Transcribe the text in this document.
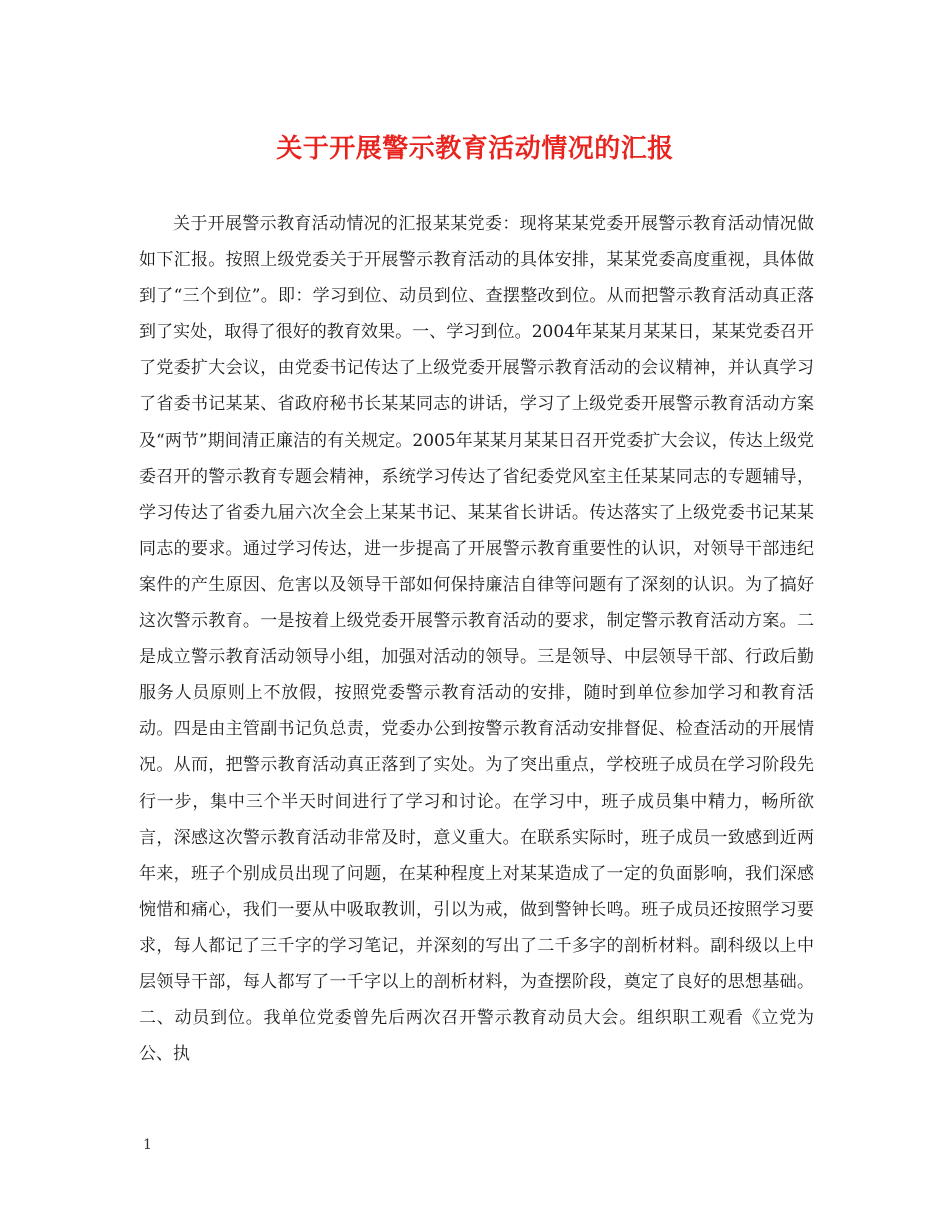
关于开展警示教育活动情况的汇报

关于开展警示教育活动情况的汇报某某党委：现将某某党委开展警示教育活动情况做如下汇报。按照上级党委关于开展警示教育活动的具体安排，某某党委高度重视，具体做到了“三个到位”。即：学习到位、动员到位、查摆整改到位。从而把警示教育活动真正落到了实处，取得了很好的教育效果。一、学习到位。2004年某某月某某日，某某党委召开了党委扩大会议，由党委书记传达了上级党委开展警示教育活动的会议精神，并认真学习了省委书记某某、省政府秘书长某某同志的讲话，学习了上级党委开展警示教育活动方案及“两节”期间清正廉洁的有关规定。2005年某某月某某日召开党委扩大会议，传达上级党委召开的警示教育专题会精神，系统学习传达了省纪委党风室主任某某同志的专题辅导，学习传达了省委九届六次全会上某某书记、某某省长讲话。传达落实了上级党委书记某某同志的要求。通过学习传达，进一步提高了开展警示教育重要性的认识，对领导干部违纪案件的产生原因、危害以及领导干部如何保持廉洁自律等问题有了深刻的认识。为了搞好这次警示教育。一是按着上级党委开展警示教育活动的要求，制定警示教育活动方案。二是成立警示教育活动领导小组，加强对活动的领导。三是领导、中层领导干部、行政后勤服务人员原则上不放假，按照党委警示教育活动的安排，随时到单位参加学习和教育活动。四是由主管副书记负总责，党委办公到按警示教育活动安排督促、检查活动的开展情况。从而，把警示教育活动真正落到了实处。为了突出重点，学校班子成员在学习阶段先行一步，集中三个半天时间进行了学习和讨论。在学习中，班子成员集中精力，畅所欲言，深感这次警示教育活动非常及时，意义重大。在联系实际时，班子成员一致感到近两年来，班子个别成员出现了问题，在某种程度上对某某造成了一定的负面影响，我们深感惋惜和痛心，我们一要从中吸取教训，引以为戒，做到警钟长鸣。班子成员还按照学习要求，每人都记了三千字的学习笔记，并深刻的写出了二千多字的剖析材料。副科级以上中层领导干部，每人都写了一千字以上的剖析材料，为查摆阶段，奠定了良好的思想基础。二、动员到位。我单位党委曾先后两次召开警示教育动员大会。组织职工观看《立党为公、执

1
